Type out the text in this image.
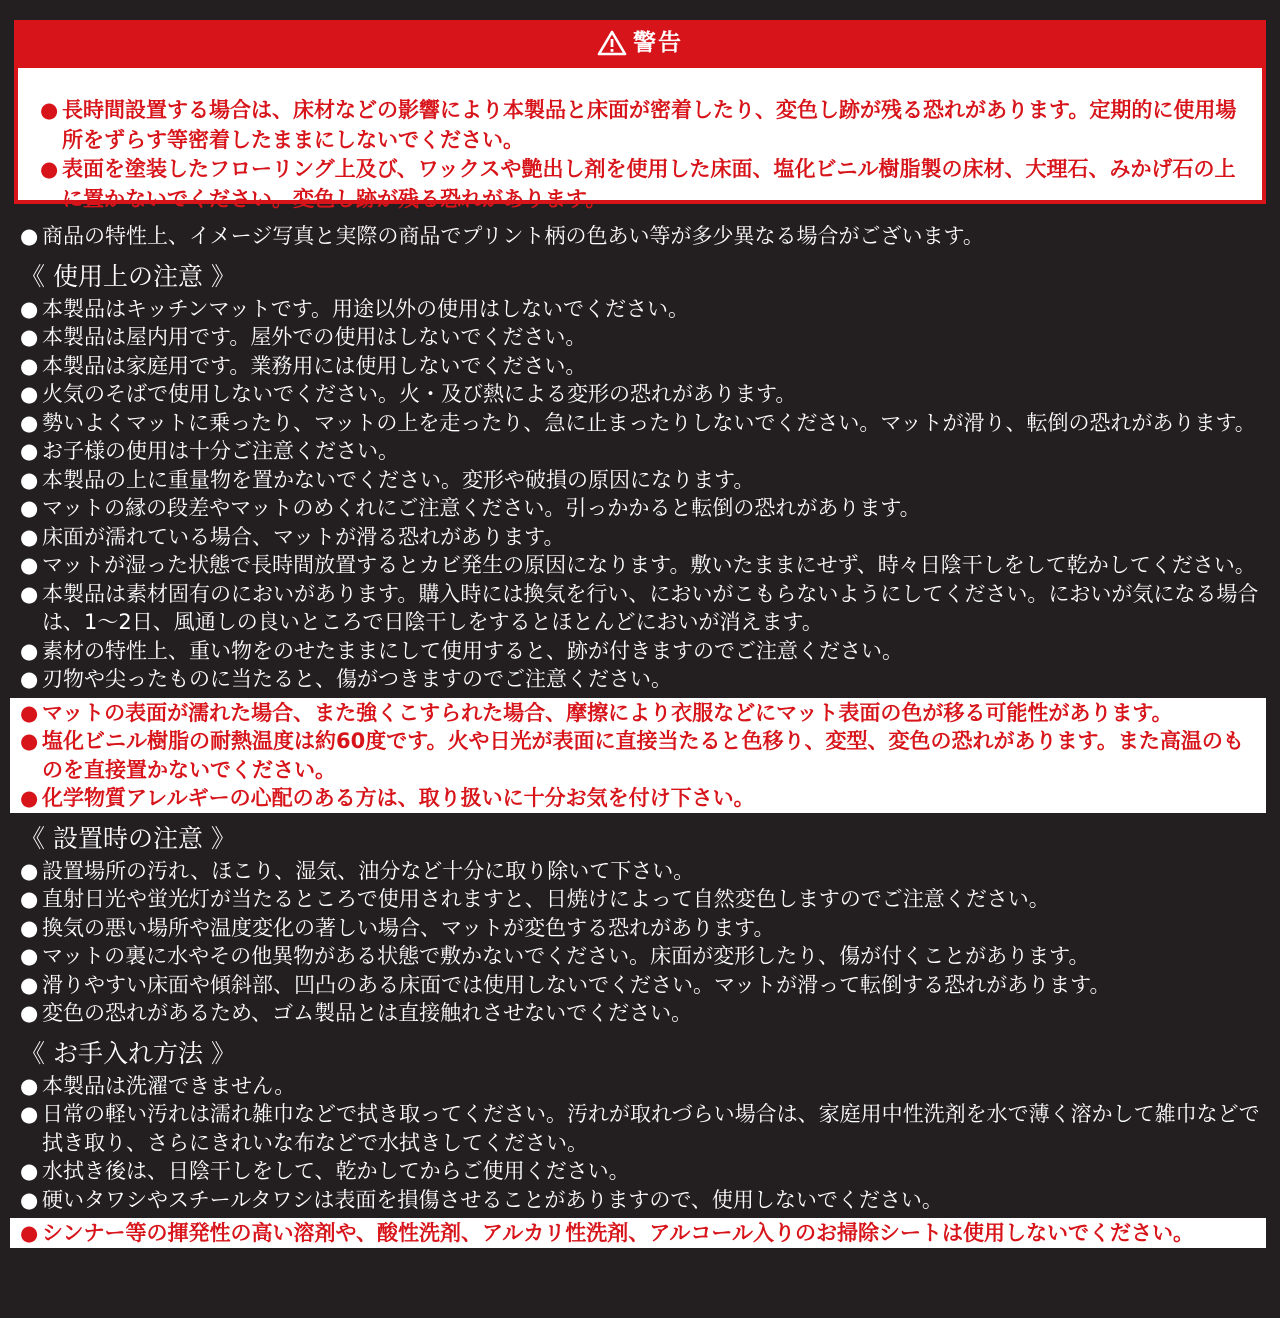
警告
● 長時間設置する場合は、床材などの影響により本製品と床面が密着したり、変色し跡が残る恐れがあります。定期的に使用場所をずらす等密着したままにしないでください。
● 表面を塗装したフローリング上及び、ワックスや艶出し剤を使用した床面、塩化ビニル樹脂製の床材、大理石、みかげ石の上に置かないでください。変色し跡が残る恐れがあります。
● 商品の特性上、イメージ写真と実際の商品でプリント柄の色あい等が多少異なる場合がございます。
《 使用上の注意 》
● 本製品はキッチンマットです。用途以外の使用はしないでください。
● 本製品は屋内用です。屋外での使用はしないでください。
● 本製品は家庭用です。業務用には使用しないでください。
● 火気のそばで使用しないでください。火・及び熱による変形の恐れがあります。
● 勢いよくマットに乗ったり、マットの上を走ったり、急に止まったりしないでください。マットが滑り、転倒の恐れがあります。
● お子様の使用は十分ご注意ください。
● 本製品の上に重量物を置かないでください。変形や破損の原因になります。
● マットの縁の段差やマットのめくれにご注意ください。引っかかると転倒の恐れがあります。
● 床面が濡れている場合、マットが滑る恐れがあります。
● マットが湿った状態で長時間放置するとカビ発生の原因になります。敷いたままにせず、時々日陰干しをして乾かしてください。
● 本製品は素材固有のにおいがあります。購入時には換気を行い、においがこもらないようにしてください。においが気になる場合は、1〜2日、風通しの良いところで日陰干しをするとほとんどにおいが消えます。
● 素材の特性上、重い物をのせたままにして使用すると、跡が付きますのでご注意ください。
● 刃物や尖ったものに当たると、傷がつきますのでご注意ください。
● マットの表面が濡れた場合、また強くこすられた場合、摩擦により衣服などにマット表面の色が移る可能性があります。
● 塩化ビニル樹脂の耐熱温度は約60度です。火や日光が表面に直接当たると色移り、変型、変色の恐れがあります。また高温のものを直接置かないでください。
● 化学物質アレルギーの心配のある方は、取り扱いに十分お気を付け下さい。
《 設置時の注意 》
● 設置場所の汚れ、ほこり、湿気、油分など十分に取り除いて下さい。
● 直射日光や蛍光灯が当たるところで使用されますと、日焼けによって自然変色しますのでご注意ください。
● 換気の悪い場所や温度変化の著しい場合、マットが変色する恐れがあります。
● マットの裏に水やその他異物がある状態で敷かないでください。床面が変形したり、傷が付くことがあります。
● 滑りやすい床面や傾斜部、凹凸のある床面では使用しないでください。マットが滑って転倒する恐れがあります。
● 変色の恐れがあるため、ゴム製品とは直接触れさせないでください。
《 お手入れ方法 》
● 本製品は洗濯できません。
● 日常の軽い汚れは濡れ雑巾などで拭き取ってください。汚れが取れづらい場合は、家庭用中性洗剤を水で薄く溶かして雑巾などで拭き取り、さらにきれいな布などで水拭きしてください。
● 水拭き後は、日陰干しをして、乾かしてからご使用ください。
● 硬いタワシやスチールタワシは表面を損傷させることがありますので、使用しないでください。
● シンナー等の揮発性の高い溶剤や、酸性洗剤、アルカリ性洗剤、アルコール入りのお掃除シートは使用しないでください。
